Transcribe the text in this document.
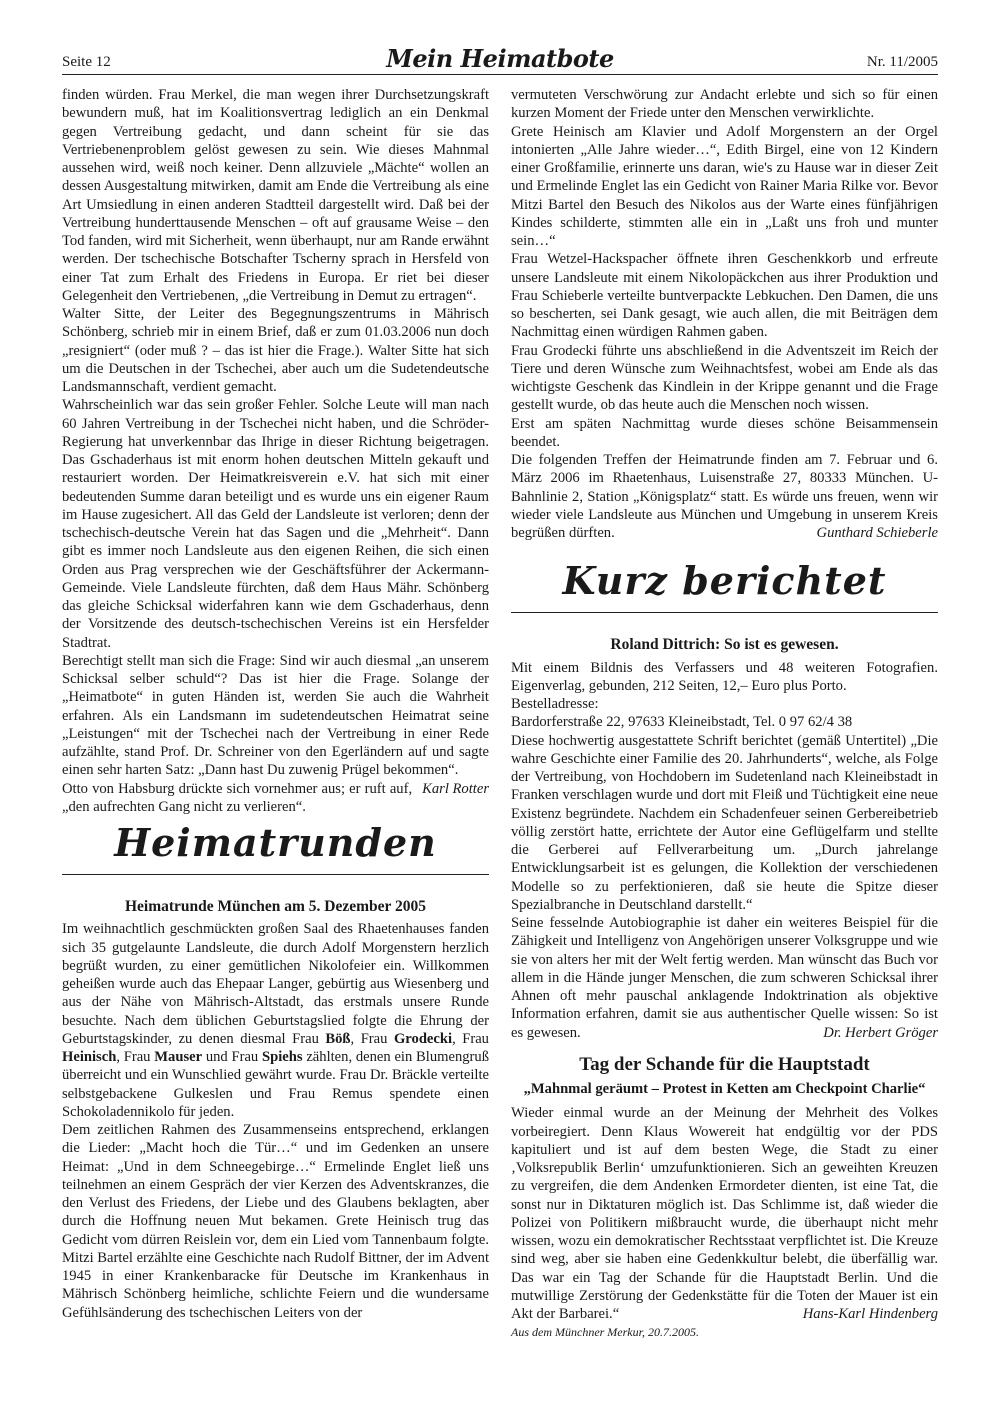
Seite 12	Mein Heimatbote	Nr. 11/2005

finden würden. Frau Merkel, die man wegen ihrer Durchsetzungskraft bewundern muß, hat im Koalitionsvertrag lediglich an ein Denkmal gegen Vertreibung gedacht, und dann scheint für sie das Vertriebenenproblem gelöst gewesen zu sein. Wie dieses Mahnmal aussehen wird, weiß noch keiner. Denn allzuviele „Mächte“ wollen an dessen Ausgestaltung mitwirken, damit am Ende die Vertreibung als eine Art Umsiedlung in einen anderen Stadtteil dargestellt wird. Daß bei der Vertreibung hunderttausende Menschen – oft auf grausame Weise – den Tod fanden, wird mit Sicherheit, wenn überhaupt, nur am Rande erwähnt werden. Der tschechische Botschafter Tscherny sprach in Hersfeld von einer Tat zum Erhalt des Friedens in Europa. Er riet bei dieser Gelegenheit den Vertriebenen, „die Vertreibung in Demut zu ertragen“.

Walter Sitte, der Leiter des Begegnungszentrums in Mährisch Schönberg, schrieb mir in einem Brief, daß er zum 01.03.2006 nun doch „resigniert“ (oder muß ? – das ist hier die Frage.). Walter Sitte hat sich um die Deutschen in der Tschechei, aber auch um die Sudetendeutsche Landsmannschaft, verdient gemacht.

Wahrscheinlich war das sein großer Fehler. Solche Leute will man nach 60 Jahren Vertreibung in der Tschechei nicht haben, und die Schröder-Regierung hat unverkennbar das Ihrige in dieser Richtung beigetragen. Das Gschaderhaus ist mit enorm hohen deutschen Mitteln gekauft und restauriert worden. Der Heimatkreisverein e.V. hat sich mit einer bedeutenden Summe daran beteiligt und es wurde uns ein eigener Raum im Hause zugesichert. All das Geld der Landsleute ist verloren; denn der tschechisch-deutsche Verein hat das Sagen und die „Mehrheit“. Dann gibt es immer noch Landsleute aus den eigenen Reihen, die sich einen Orden aus Prag versprechen wie der Geschäftsführer der Ackermann-Gemeinde. Viele Landsleute fürchten, daß dem Haus Mähr. Schönberg das gleiche Schicksal widerfahren kann wie dem Gschaderhaus, denn der Vorsitzende des deutsch-tschechischen Vereins ist ein Hersfelder Stadtrat.

Berechtigt stellt man sich die Frage: Sind wir auch diesmal „an unserem Schicksal selber schuld“? Das ist hier die Frage. Solange der „Heimatbote“ in guten Händen ist, werden Sie auch die Wahrheit erfahren. Als ein Landsmann im sudetendeutschen Heimatrat seine „Leistungen“ mit der Tschechei nach der Vertreibung in einer Rede aufzählte, stand Prof. Dr. Schreiner von den Egerländern auf und sagte einen sehr harten Satz: „Dann hast Du zuwenig Prügel bekommen“.

Karl Rotter
Otto von Habsburg drückte sich vornehmer aus; er ruft auf, „den aufrechten Gang nicht zu verlieren“.

Heimatrunden
Heimatrunde München am 5. Dezember 2005

Im weihnachtlich geschmückten großen Saal des Rhaetenhauses fanden sich 35 gutgelaunte Landsleute, die durch Adolf Morgenstern herzlich begrüßt wurden, zu einer gemütlichen Nikolofeier ein. Willkommen geheißen wurde auch das Ehepaar Langer, gebürtig aus Wiesenberg und aus der Nähe von Mährisch-Altstadt, das erstmals unsere Runde besuchte. Nach dem üblichen Geburtstagslied folgte die Ehrung der Geburtstagskinder, zu denen diesmal Frau Böß, Frau Grodecki, Frau Heinisch, Frau Mauser und Frau Spiehs zählten, denen ein Blumengruß überreicht und ein Wunschlied gewährt wurde. Frau Dr. Bräckle verteilte selbstgebackene Gulkeslen und Frau Remus spendete einen Schokoladennikolo für jeden.

Dem zeitlichen Rahmen des Zusammenseins entsprechend, erklangen die Lieder: „Macht hoch die Tür…“ und im Gedenken an unsere Heimat: „Und in dem Schneegebirge…“ Ermelinde Englet ließ uns teilnehmen an einem Gespräch der vier Kerzen des Adventskranzes, die den Verlust des Friedens, der Liebe und des Glaubens beklagten, aber durch die Hoffnung neuen Mut bekamen. Grete Heinisch trug das Gedicht vom dürren Reislein vor, dem ein Lied vom Tannenbaum folgte. Mitzi Bartel erzählte eine Geschichte nach Rudolf Bittner, der im Advent 1945 in einer Krankenbaracke für Deutsche im Krankenhaus in Mährisch Schönberg heimliche, schlichte Feiern und die wundersame Gefühlsänderung des tschechischen Leiters von der

vermuteten Verschwörung zur Andacht erlebte und sich so für einen kurzen Moment der Friede unter den Menschen verwirklichte.

Grete Heinisch am Klavier und Adolf Morgenstern an der Orgel intonierten „Alle Jahre wieder…“, Edith Birgel, eine von 12 Kindern einer Großfamilie, erinnerte uns daran, wie's zu Hause war in dieser Zeit und Ermelinde Englet las ein Gedicht von Rainer Maria Rilke vor. Bevor Mitzi Bartel den Besuch des Nikolos aus der Warte eines fünfjährigen Kindes schilderte, stimmten alle ein in „Laßt uns froh und munter sein…“

Frau Wetzel-Hackspacher öffnete ihren Geschenkkorb und erfreute unsere Landsleute mit einem Nikolopäckchen aus ihrer Produktion und Frau Schieberle verteilte buntverpackte Lebkuchen. Den Damen, die uns so bescherten, sei Dank gesagt, wie auch allen, die mit Beiträgen dem Nachmittag einen würdigen Rahmen gaben.

Frau Grodecki führte uns abschließend in die Adventszeit im Reich der Tiere und deren Wünsche zum Weihnachtsfest, wobei am Ende als das wichtigste Geschenk das Kindlein in der Krippe genannt und die Frage gestellt wurde, ob das heute auch die Menschen noch wissen.

Erst am späten Nachmittag wurde dieses schöne Beisammensein beendet.

Die folgenden Treffen der Heimatrunde finden am 7. Februar und 6. März 2006 im Rhaetenhaus, Luisenstraße 27, 80333 München. U-Bahnlinie 2, Station „Königsplatz“ statt. Es würde uns freuen, wenn wir wieder viele Landsleute aus München und Umgebung in unserem Kreis begrüßen dürften.	Gunthard Schieberle

Kurz berichtet
Roland Dittrich: So ist es gewesen.

Mit einem Bildnis des Verfassers und 48 weiteren Fotografien. Eigenverlag, gebunden, 212 Seiten, 12,– Euro plus Porto.

Bestelladresse:

Bardorferstraße 22, 97633 Kleineibstadt, Tel. 0 97 62/4 38

Diese hochwertig ausgestattete Schrift berichtet (gemäß Untertitel) „Die wahre Geschichte einer Familie des 20. Jahrhunderts“, welche, als Folge der Vertreibung, von Hochdobern im Sudetenland nach Kleineibstadt in Franken verschlagen wurde und dort mit Fleiß und Tüchtigkeit eine neue Existenz begründete. Nachdem ein Schadenfeuer seinen Gerbereibetrieb völlig zerstört hatte, errichtete der Autor eine Geflügelfarm und stellte die Gerberei auf Fellverarbeitung um. „Durch jahrelange Entwicklungsarbeit ist es gelungen, die Kollektion der verschiedenen Modelle so zu perfektionieren, daß sie heute die Spitze dieser Spezialbranche in Deutschland darstellt.“

Seine fesselnde Autobiographie ist daher ein weiteres Beispiel für die Zähigkeit und Intelligenz von Angehörigen unserer Volksgruppe und wie sie von alters her mit der Welt fertig werden. Man wünscht das Buch vor allem in die Hände junger Menschen, die zum schweren Schicksal ihrer Ahnen oft mehr pauschal anklagende Indoktrination als objektive Information erfahren, damit sie aus authentischer Quelle wissen: So ist es gewesen.	Dr. Herbert Gröger

Tag der Schande für die Hauptstadt
„Mahnmal geräumt – Protest in Ketten am Checkpoint Charlie“

Wieder einmal wurde an der Meinung der Mehrheit des Volkes vorbeiregiert. Denn Klaus Wowereit hat endgültig vor der PDS kapituliert und ist auf dem besten Wege, die Stadt zu einer ‚Volksrepublik Berlin‘ umzufunktionieren. Sich an geweihten Kreuzen zu vergreifen, die dem Andenken Ermordeter dienten, ist eine Tat, die sonst nur in Diktaturen möglich ist. Das Schlimme ist, daß wieder die Polizei von Politikern mißbraucht wurde, die überhaupt nicht mehr wissen, wozu ein demokratischer Rechtsstaat verpflichtet ist. Die Kreuze sind weg, aber sie haben eine Gedenkkultur belebt, die überfällig war. Das war ein Tag der Schande für die Hauptstadt Berlin. Und die mutwillige Zerstörung der Gedenkstätte für die Toten der Mauer ist ein Akt der Barbarei.“	Hans-Karl Hindenberg

Aus dem Münchner Merkur, 20.7.2005.
